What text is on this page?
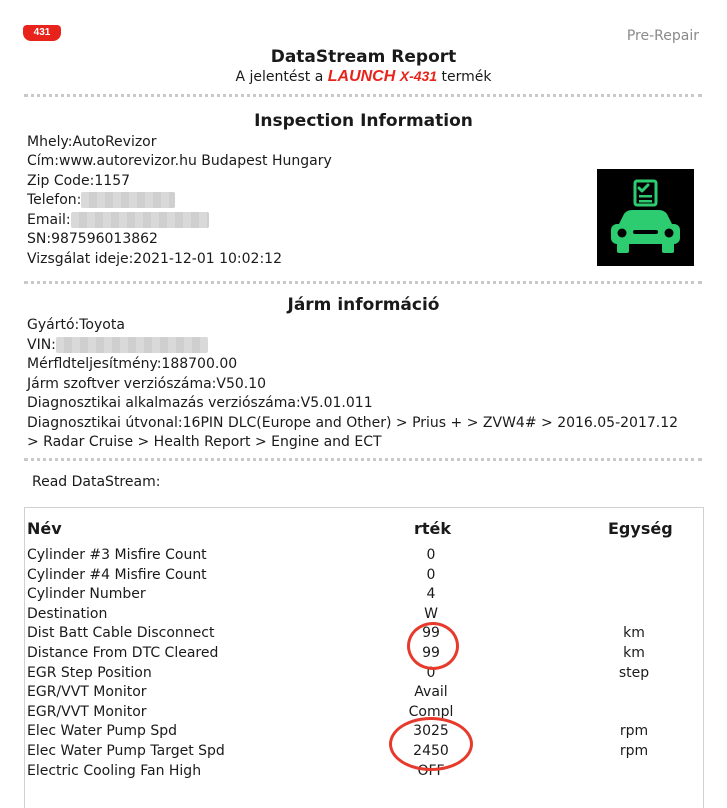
431	Pre-Repair
DataStream Report
A jelentést a LAUNCH X-431 termék
Inspection Information
Mhely:AutoRevizor
Cím:www.autorevizor.hu Budapest Hungary
Zip Code:1157
Telefon:
Email:
SN:987596013862
Vizsgálat ideje:2021-12-01 10:02:12
Járm információ
Gyártó:Toyota
VIN:
Mérfldteljesítmény:188700.00
Járm szoftver verziószáma:V50.10
Diagnosztikai alkalmazás verziószáma:V5.01.011
Diagnosztikai útvonal:16PIN DLC(Europe and Other) > Prius + > ZVW4# > 2016.05-2017.12 > Radar Cruise > Health Report > Engine and ECT
Read DataStream:
Név	rték	Egység
Cylinder #3 Misfire Count	0
Cylinder #4 Misfire Count	0
Cylinder Number	4
Destination	W
Dist Batt Cable Disconnect	99	km
Distance From DTC Cleared	99	km
EGR Step Position	0	step
EGR/VVT Monitor	Avail
EGR/VVT Monitor	Compl
Elec Water Pump Spd	3025	rpm
Elec Water Pump Target Spd	2450	rpm
Electric Cooling Fan High	OFF
